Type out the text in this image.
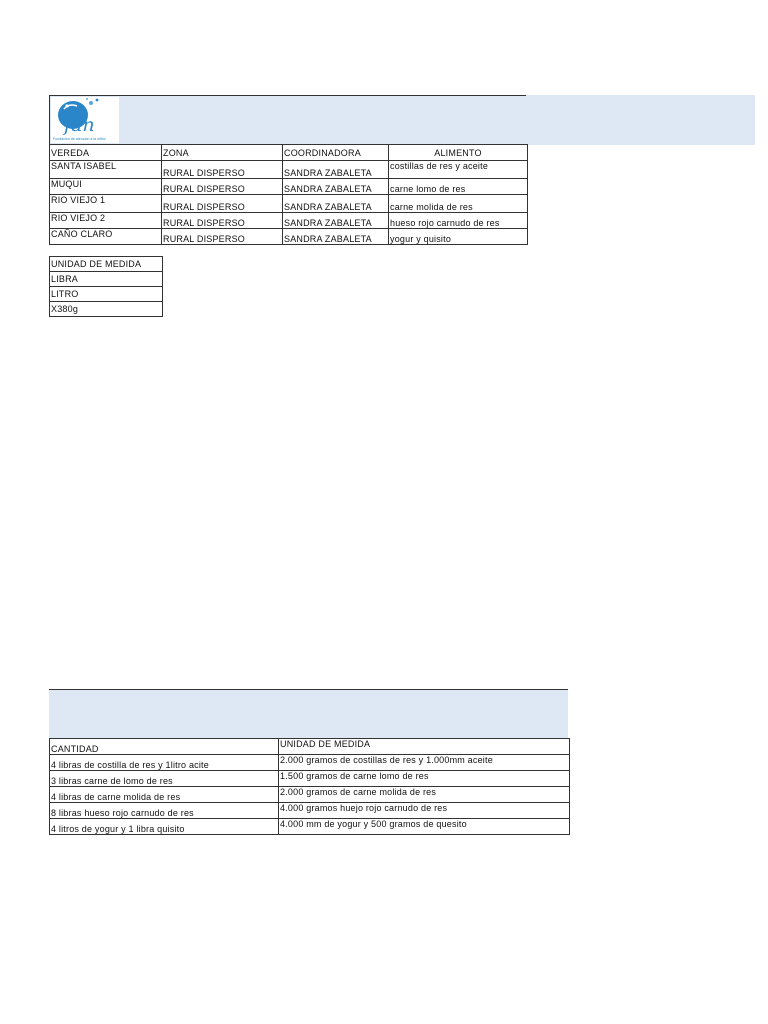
fan
Fundación de atención a la niñez
VEREDA	ZONA	COORDINADORA	ALIMENTO
SANTA ISABEL	RURAL DISPERSO	SANDRA ZABALETA	costillas de res y aceite
MUQUI	RURAL DISPERSO	SANDRA ZABALETA	carne lomo de res
RIO VIEJO 1	RURAL DISPERSO	SANDRA ZABALETA	carne molida de res
RIO VIEJO 2	RURAL DISPERSO	SANDRA ZABALETA	hueso rojo carnudo de res
CAÑO CLARO	RURAL DISPERSO	SANDRA ZABALETA	yogur y quisito
UNIDAD DE MEDIDA
LIBRA
LITRO
X380g
CANTIDAD	UNIDAD DE MEDIDA
4 libras de costilla de res y 1litro acite	2.000 gramos de costillas de res y 1.000mm aceite
3 libras carne de lomo de res	1.500 gramos de carne lomo de res
4 libras de carne molida de res	2.000 gramos de carne molida de res
8 libras hueso rojo carnudo de res	4.000 gramos huejo rojo carnudo de res
4 litros de yogur y 1 libra quisito	4.000 mm de yogur y 500 gramos de quesito
